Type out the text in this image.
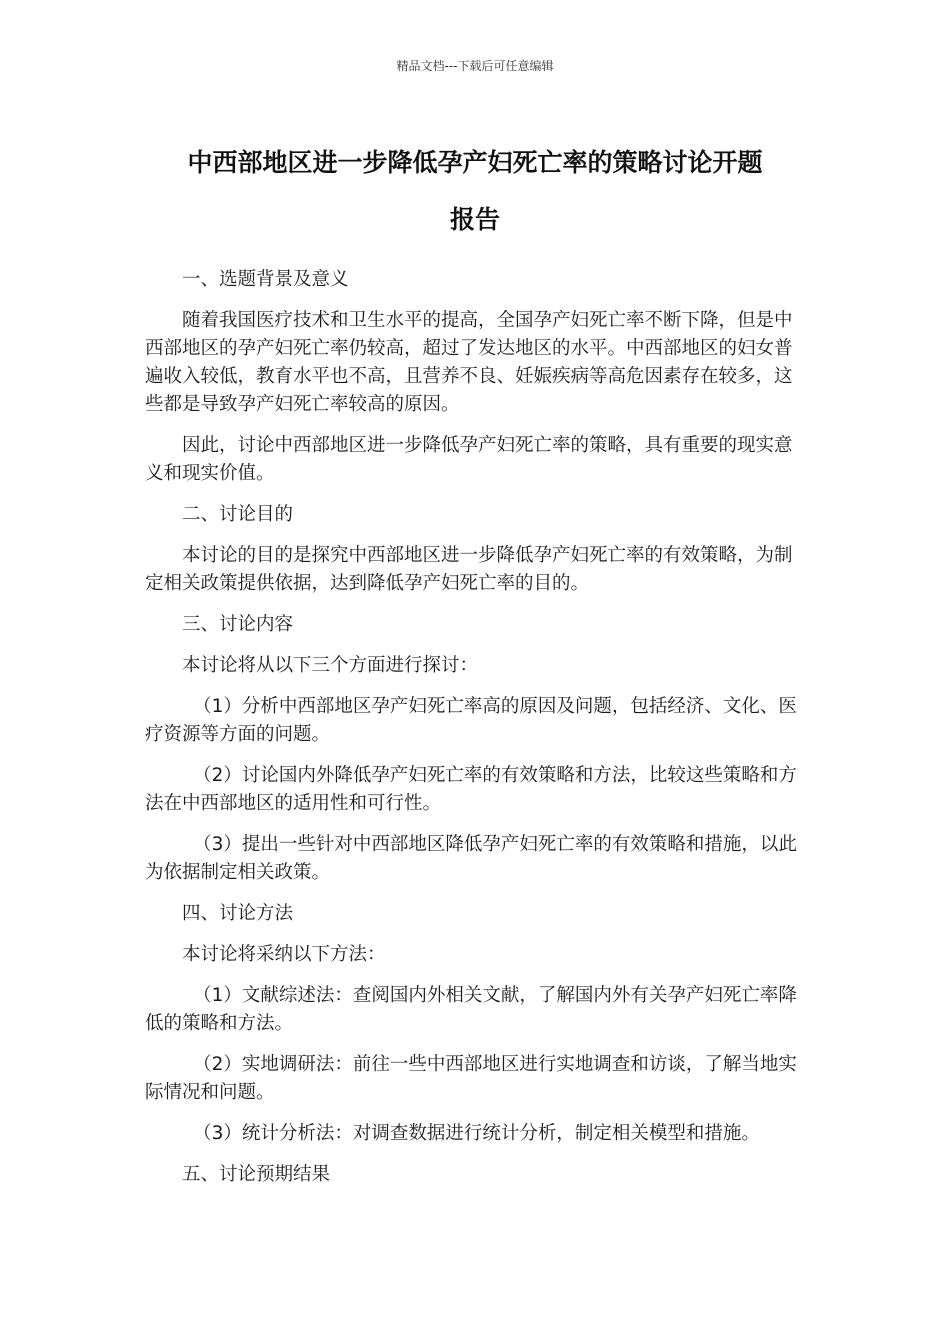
精品文档---下载后可任意编辑
中西部地区进一步降低孕产妇死亡率的策略讨论开题
报告

一、选题背景及意义

随着我国医疗技术和卫生水平的提高，全国孕产妇死亡率不断下降，但是中西部地区的孕产妇死亡率仍较高，超过了发达地区的水平。中西部地区的妇女普遍收入较低，教育水平也不高，且营养不良、妊娠疾病等高危因素存在较多，这些都是导致孕产妇死亡率较高的原因。

因此，讨论中西部地区进一步降低孕产妇死亡率的策略，具有重要的现实意义和现实价值。

二、讨论目的

本讨论的目的是探究中西部地区进一步降低孕产妇死亡率的有效策略，为制定相关政策提供依据，达到降低孕产妇死亡率的目的。

三、讨论内容

本讨论将从以下三个方面进行探讨：

（1）分析中西部地区孕产妇死亡率高的原因及问题，包括经济、文化、医疗资源等方面的问题。

（2）讨论国内外降低孕产妇死亡率的有效策略和方法，比较这些策略和方法在中西部地区的适用性和可行性。

（3）提出一些针对中西部地区降低孕产妇死亡率的有效策略和措施，以此为依据制定相关政策。

四、讨论方法

本讨论将采纳以下方法：

（1）文献综述法：查阅国内外相关文献，了解国内外有关孕产妇死亡率降低的策略和方法。

（2）实地调研法：前往一些中西部地区进行实地调查和访谈，了解当地实际情况和问题。

（3）统计分析法：对调查数据进行统计分析，制定相关模型和措施。

五、讨论预期结果
